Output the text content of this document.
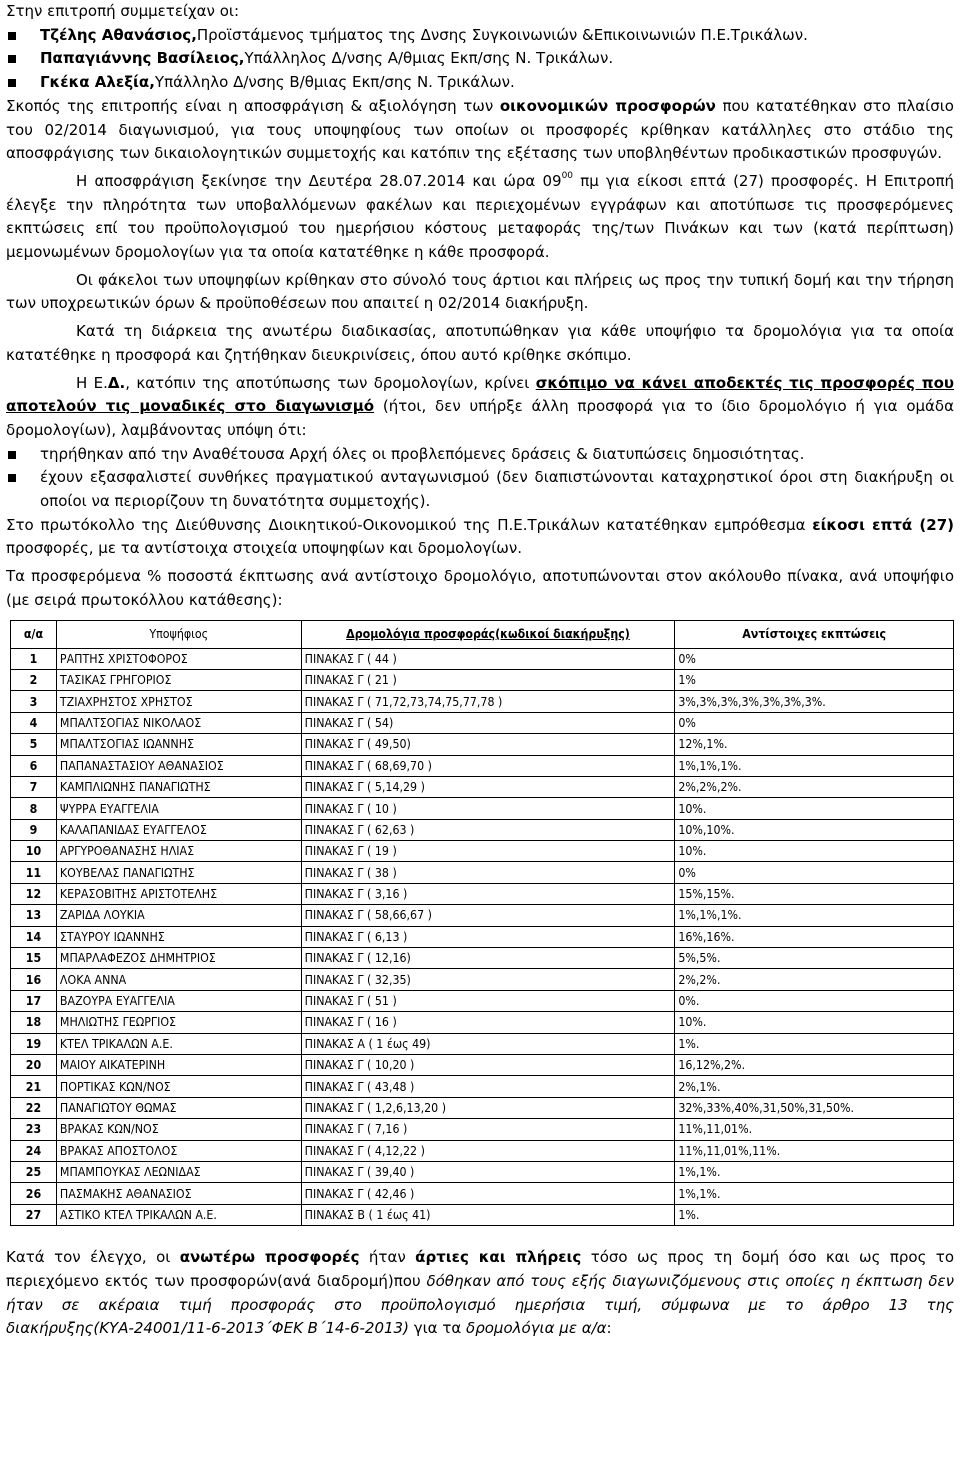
Στην επιτροπή συμμετείχαν οι:

Τζέλης Αθανάσιος,Προϊστάμενος τμήματος της Δνσης Συγκοινωνιών &Επικοινωνιών Π.Ε.Τρικάλων.

Παπαγιάννης Βασίλειος,Υπάλληλος Δ/νσης Α/θμιας Εκπ/σης Ν. Τρικάλων.

Γκέκα Αλεξία,Υπάλληλο Δ/νσης Β/θμιας Εκπ/σης Ν. Τρικάλων.

Σκοπός της επιτροπής είναι η αποσφράγιση & αξιολόγηση των οικονομικών προσφορών που κατατέθηκαν στο πλαίσιο του 02/2014 διαγωνισμού, για τους υποψηφίους των οποίων οι προσφορές κρίθηκαν κατάλληλες στο στάδιο της αποσφράγισης των δικαιολογητικών συμμετοχής και κατόπιν της εξέτασης των υποβληθέντων προδικαστικών προσφυγών.

Η αποσφράγιση ξεκίνησε την Δευτέρα 28.07.2014 και ώρα $09^{00}$ πμ για είκοσι επτά (27) προσφορές. Η Επιτροπή έλεγξε την πληρότητα των υποβαλλόμενων φακέλων και περιεχομένων εγγράφων και αποτύπωσε τις προσφερόμενες εκπτώσεις επί του προϋπολογισμού του ημερήσιου κόστους μεταφοράς της/των Πινάκων και των (κατά περίπτωση) μεμονωμένων δρομολογίων για τα οποία κατατέθηκε η κάθε προσφορά.

Οι φάκελοι των υποψηφίων κρίθηκαν στο σύνολό τους άρτιοι και πλήρεις ως προς την τυπική δομή και την τήρηση των υποχρεωτικών όρων & προϋποθέσεων που απαιτεί η 02/2014 διακήρυξη.

Κατά τη διάρκεια της ανωτέρω διαδικασίας, αποτυπώθηκαν για κάθε υποψήφιο τα δρομολόγια για τα οποία κατατέθηκε η προσφορά και ζητήθηκαν διευκρινίσεις, όπου αυτό κρίθηκε σκόπιμο.

Η Ε.Δ., κατόπιν της αποτύπωσης των δρομολογίων, κρίνει σκόπιμο να κάνει αποδεκτές τις προσφορές που αποτελούν τις μοναδικές στο διαγωνισμό (ήτοι, δεν υπήρξε άλλη προσφορά για το ίδιο δρομολόγιο ή για ομάδα δρομολογίων), λαμβάνοντας υπόψη ότι:

τηρήθηκαν από την Αναθέτουσα Αρχή όλες οι προβλεπόμενες δράσεις & διατυπώσεις δημοσιότητας.

έχουν εξασφαλιστεί συνθήκες πραγματικού ανταγωνισμού (δεν διαπιστώνονται καταχρηστικοί όροι στη διακήρυξη οι οποίοι να περιορίζουν τη δυνατότητα συμμετοχής).

Στο πρωτόκολλο της Διεύθυνσης Διοικητικού-Οικονομικού της Π.Ε.Τρικάλων κατατέθηκαν εμπρόθεσμα είκοσι επτά (27) προσφορές, με τα αντίστοιχα στοιχεία υποψηφίων και δρομολογίων.

Τα προσφερόμενα % ποσοστά έκπτωσης ανά αντίστοιχο δρομολόγιο, αποτυπώνονται στον ακόλουθο πίνακα, ανά υποψήφιο (με σειρά πρωτοκόλλου κατάθεσης):

α/α	Υποψήφιος	Δρομολόγια προσφοράς(κωδικοί διακήρυξης)	Αντίστοιχες εκπτώσεις
1	ΡΑΠΤΗΣ ΧΡΙΣΤΟΦΟΡΟΣ	ΠΙΝΑΚΑΣ Γ ( 44 )	0%
2	ΤΑΣΙΚΑΣ ΓΡΗΓΟΡΙΟΣ	ΠΙΝΑΚΑΣ Γ ( 21 )	1%
3	ΤΖΙΑΧΡΗΣΤΟΣ ΧΡΗΣΤΟΣ	ΠΙΝΑΚΑΣ Γ ( 71,72,73,74,75,77,78 )	3%,3%,3%,3%,3%,3%,3%.
4	ΜΠΑΛΤΣΟΓΙΑΣ ΝΙΚΟΛΑΟΣ	ΠΙΝΑΚΑΣ Γ ( 54)	0%
5	ΜΠΑΛΤΣΟΓΙΑΣ ΙΩΑΝΝΗΣ	ΠΙΝΑΚΑΣ Γ ( 49,50)	12%,1%.
6	ΠΑΠΑΝΑΣΤΑΣΙΟΥ ΑΘΑΝΑΣΙΟΣ	ΠΙΝΑΚΑΣ Γ ( 68,69,70 )	1%,1%,1%.
7	ΚΑΜΠΛΙΩΝΗΣ ΠΑΝΑΓΙΩΤΗΣ	ΠΙΝΑΚΑΣ Γ ( 5,14,29 )	2%,2%,2%.
8	ΨΥΡΡΑ ΕΥΑΓΓΕΛΙΑ	ΠΙΝΑΚΑΣ Γ ( 10 )	10%.
9	ΚΑΛΑΠΑΝΙΔΑΣ ΕΥΑΓΓΕΛΟΣ	ΠΙΝΑΚΑΣ Γ ( 62,63 )	10%,10%.
10	ΑΡΓΥΡΟΘΑΝΑΣΗΣ ΗΛΙΑΣ	ΠΙΝΑΚΑΣ Γ ( 19 )	10%.
11	ΚΟΥΒΕΛΑΣ ΠΑΝΑΓΙΩΤΗΣ	ΠΙΝΑΚΑΣ Γ ( 38 )	0%
12	ΚΕΡΑΣΟΒΙΤΗΣ ΑΡΙΣΤΟΤΕΛΗΣ	ΠΙΝΑΚΑΣ Γ ( 3,16 )	15%,15%.
13	ΖΑΡΙΔΑ ΛΟΥΚΙΑ	ΠΙΝΑΚΑΣ Γ ( 58,66,67 )	1%,1%,1%.
14	ΣΤΑΥΡΟΥ ΙΩΑΝΝΗΣ	ΠΙΝΑΚΑΣ Γ ( 6,13 )	16%,16%.
15	ΜΠΑΡΛΑΦΕΖΟΣ ΔΗΜΗΤΡΙΟΣ	ΠΙΝΑΚΑΣ Γ ( 12,16)	5%,5%.
16	ΛΟΚΑ ΑΝΝΑ	ΠΙΝΑΚΑΣ Γ ( 32,35)	2%,2%.
17	ΒΑΖΟΥΡΑ ΕΥΑΓΓΕΛΙΑ	ΠΙΝΑΚΑΣ Γ ( 51 )	0%.
18	ΜΗΛΙΩΤΗΣ ΓΕΩΡΓΙΟΣ	ΠΙΝΑΚΑΣ Γ ( 16 )	10%.
19	ΚΤΕΛ ΤΡΙΚΑΛΩΝ Α.Ε.	ΠΙΝΑΚΑΣ Α ( 1 έως 49)	1%.
20	ΜΑΙΟΥ ΑΙΚΑΤΕΡΙΝΗ	ΠΙΝΑΚΑΣ Γ ( 10,20 )	16,12%,2%.
21	ΠΟΡΤΙΚΑΣ ΚΩΝ/ΝΟΣ	ΠΙΝΑΚΑΣ Γ ( 43,48 )	2%,1%.
22	ΠΑΝΑΓΙΩΤΟΥ ΘΩΜΑΣ	ΠΙΝΑΚΑΣ Γ ( 1,2,6,13,20 )	32%,33%,40%,31,50%,31,50%.
23	ΒΡΑΚΑΣ ΚΩΝ/ΝΟΣ	ΠΙΝΑΚΑΣ Γ ( 7,16 )	11%,11,01%.
24	ΒΡΑΚΑΣ ΑΠΟΣΤΟΛΟΣ	ΠΙΝΑΚΑΣ Γ ( 4,12,22 )	11%,11,01%,11%.
25	ΜΠΑΜΠΟΥΚΑΣ ΛΕΩΝΙΔΑΣ	ΠΙΝΑΚΑΣ Γ ( 39,40 )	1%,1%.
26	ΠΑΣΜΑΚΗΣ ΑΘΑΝΑΣΙΟΣ	ΠΙΝΑΚΑΣ Γ ( 42,46 )	1%,1%.
27	ΑΣΤΙΚΟ ΚΤΕΛ ΤΡΙΚΑΛΩΝ Α.Ε.	ΠΙΝΑΚΑΣ Β ( 1 έως 41)	1%.

Κατά τον έλεγχο, οι ανωτέρω προσφορές ήταν άρτιες και πλήρεις τόσο ως προς τη δομή όσο και ως προς το περιεχόμενο εκτός των προσφορών(ανά διαδρομή)που δόθηκαν από τους εξής διαγωνιζόμενους στις οποίες η έκπτωση δεν ήταν σε ακέραια τιμή προσφοράς στο προϋπολογισμό ημερήσια τιμή, σύμφωνα με το άρθρο 13 της διακήρυξης(ΚΥΑ-24001/11-6-2013΄ΦΕΚ Β΄14-6-2013) για τα δρομολόγια με α/α:
